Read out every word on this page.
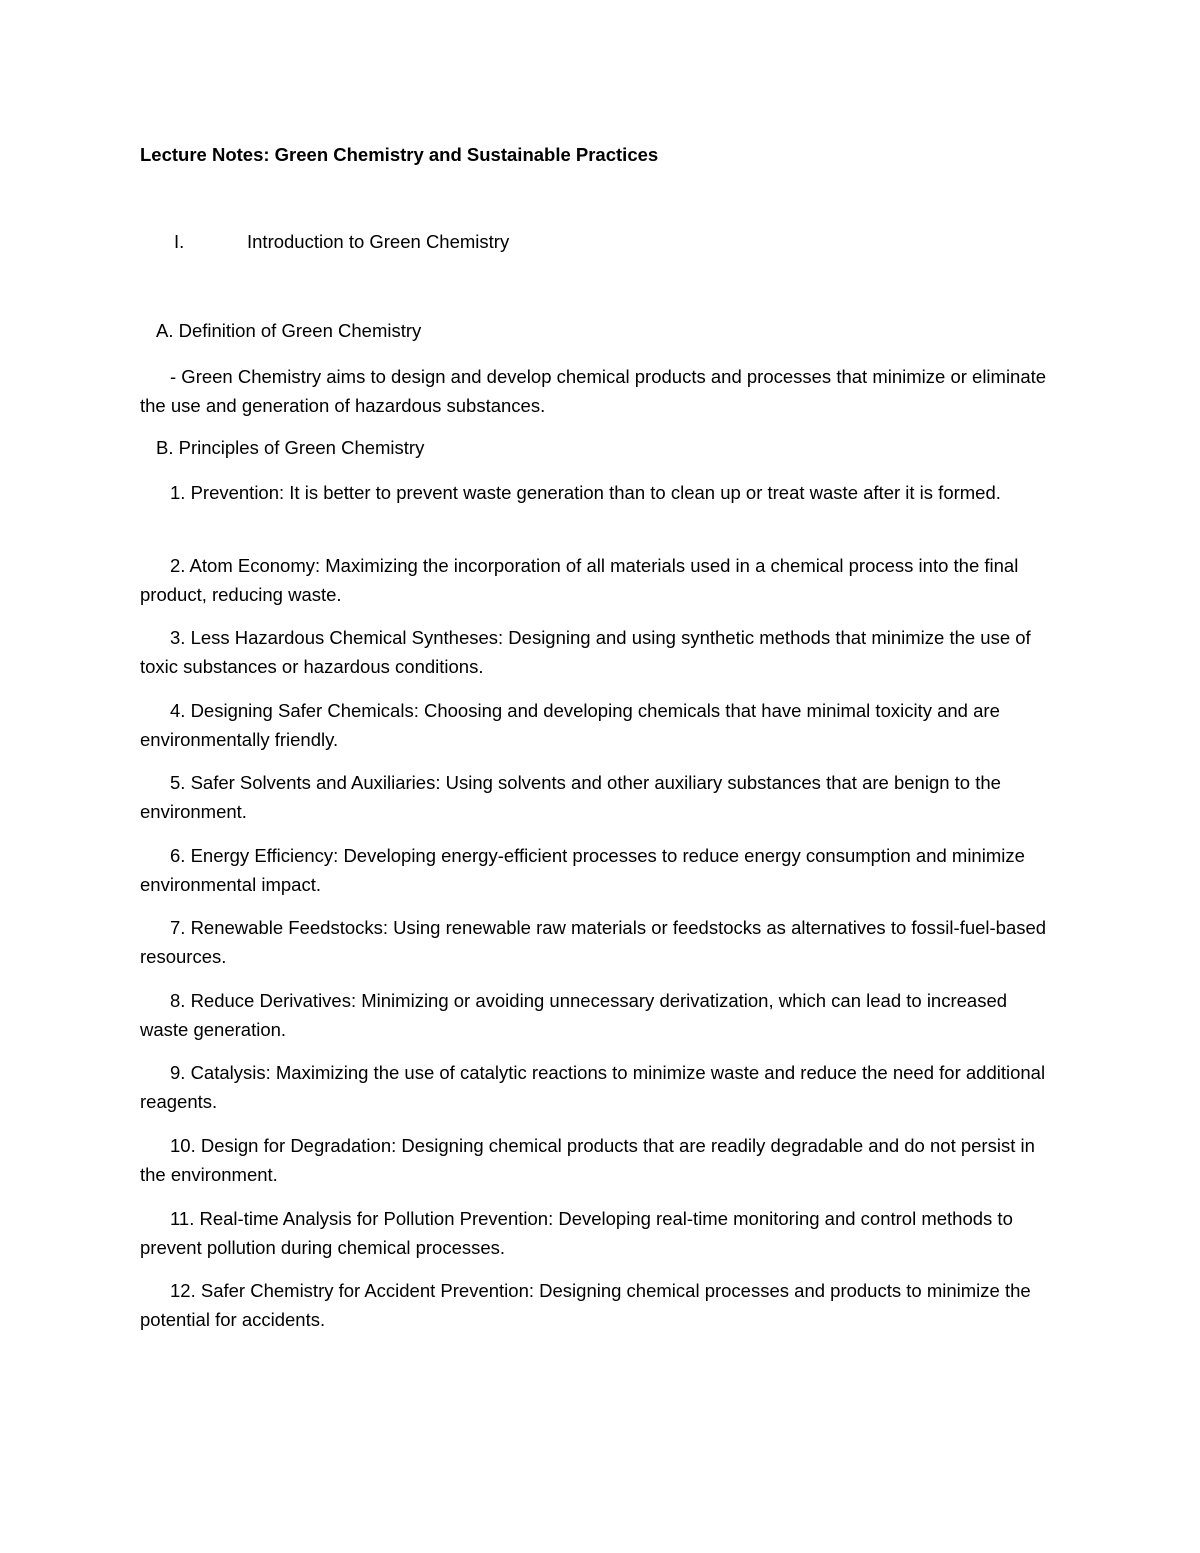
Lecture Notes: Green Chemistry and Sustainable Practices
I.	Introduction to Green Chemistry
A. Definition of Green Chemistry

- Green Chemistry aims to design and develop chemical products and processes that minimize or eliminate the use and generation of hazardous substances.

B. Principles of Green Chemistry

1. Prevention: It is better to prevent waste generation than to clean up or treat waste after it is formed.

2. Atom Economy: Maximizing the incorporation of all materials used in a chemical process into the final product, reducing waste.

3. Less Hazardous Chemical Syntheses: Designing and using synthetic methods that minimize the use of toxic substances or hazardous conditions.

4. Designing Safer Chemicals: Choosing and developing chemicals that have minimal toxicity and are environmentally friendly.

5. Safer Solvents and Auxiliaries: Using solvents and other auxiliary substances that are benign to the environment.

6. Energy Efficiency: Developing energy-efficient processes to reduce energy consumption and minimize environmental impact.

7. Renewable Feedstocks: Using renewable raw materials or feedstocks as alternatives to fossil-fuel-based resources.

8. Reduce Derivatives: Minimizing or avoiding unnecessary derivatization, which can lead to increased waste generation.

9. Catalysis: Maximizing the use of catalytic reactions to minimize waste and reduce the need for additional reagents.

10. Design for Degradation: Designing chemical products that are readily degradable and do not persist in the environment.

11. Real-time Analysis for Pollution Prevention: Developing real-time monitoring and control methods to prevent pollution during chemical processes.

12. Safer Chemistry for Accident Prevention: Designing chemical processes and products to minimize the potential for accidents.
